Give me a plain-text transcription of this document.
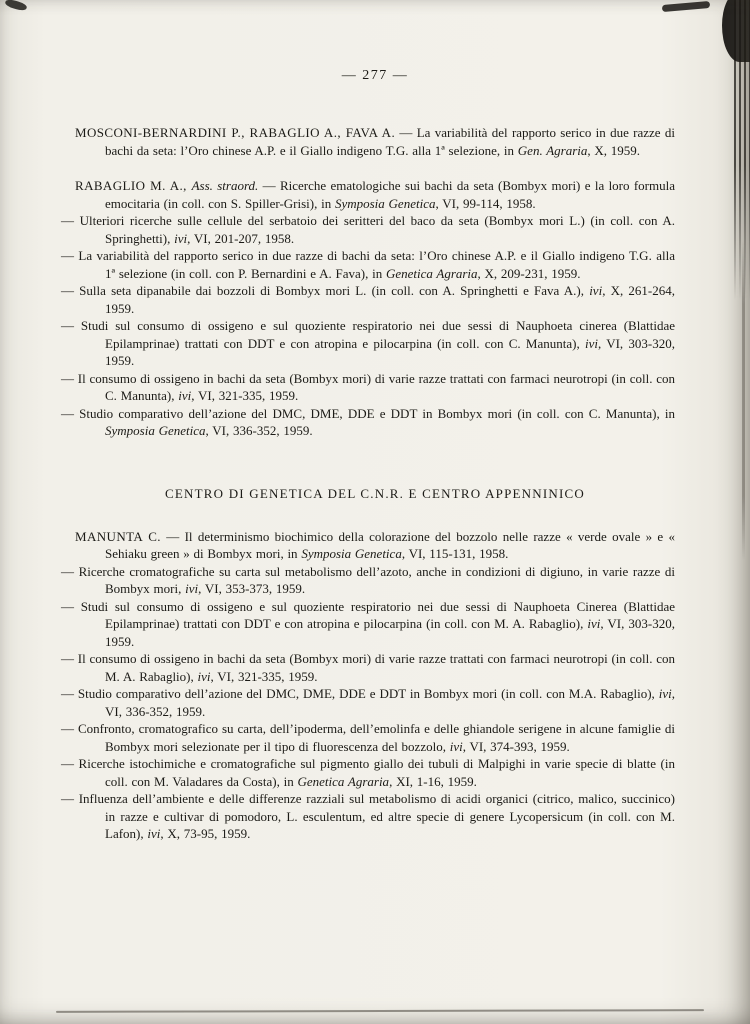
— 277 —

MOSCONI-BERNARDINI P., RABAGLIO A., FAVA A. — La variabilità del rapporto serico in due razze di bachi da seta: l’Oro chinese A.P. e il Giallo indigeno T.G. alla 1ª selezione, in Gen. Agraria, X, 1959.

RABAGLIO M. A., Ass. straord. — Ricerche ematologiche sui bachi da seta (Bombyx mori) e la loro formula emocitaria (in coll. con S. Spiller-Grisi), in Symposia Genetica, VI, 99-114, 1958.

— Ulteriori ricerche sulle cellule del serbatoio dei seritteri del baco da seta (Bombyx mori L.) (in coll. con A. Springhetti), ivi, VI, 201-207, 1958.

— La variabilità del rapporto serico in due razze di bachi da seta: l’Oro chinese A.P. e il Giallo indigeno T.G. alla 1ª selezione (in coll. con P. Bernardini e A. Fava), in Genetica Agraria, X, 209-231, 1959.

— Sulla seta dipanabile dai bozzoli di Bombyx mori L. (in coll. con A. Springhetti e Fava A.), ivi, X, 261-264, 1959.

— Studi sul consumo di ossigeno e sul quoziente respiratorio nei due sessi di Nauphoeta cinerea (Blattidae Epilamprinae) trattati con DDT e con atropina e pilocarpina (in coll. con C. Manunta), ivi, VI, 303-320, 1959.

— Il consumo di ossigeno in bachi da seta (Bombyx mori) di varie razze trattati con farmaci neurotropi (in coll. con C. Manunta), ivi, VI, 321-335, 1959.

— Studio comparativo dell’azione del DMC, DME, DDE e DDT in Bombyx mori (in coll. con C. Manunta), in Symposia Genetica, VI, 336-352, 1959.

CENTRO DI GENETICA DEL C.N.R. E CENTRO APPENNINICO

MANUNTA C. — Il determinismo biochimico della colorazione del bozzolo nelle razze « verde ovale » e « Sehiaku green » di Bombyx mori, in Symposia Genetica, VI, 115-131, 1958.

— Ricerche cromatografiche su carta sul metabolismo dell’azoto, anche in condizioni di digiuno, in varie razze di Bombyx mori, ivi, VI, 353-373, 1959.

— Studi sul consumo di ossigeno e sul quoziente respiratorio nei due sessi di Nauphoeta Cinerea (Blattidae Epilamprinae) trattati con DDT e con atropina e pilocarpina (in coll. con M. A. Rabaglio), ivi, VI, 303-320, 1959.

— Il consumo di ossigeno in bachi da seta (Bombyx mori) di varie razze trattati con farmaci neurotropi (in coll. con M. A. Rabaglio), ivi, VI, 321-335, 1959.

— Studio comparativo dell’azione del DMC, DME, DDE e DDT in Bombyx mori (in coll. con M.A. Rabaglio), ivi, VI, 336-352, 1959.

— Confronto, cromatografico su carta, dell’ipoderma, dell’emolinfa e delle ghiandole serigene in alcune famiglie di Bombyx mori selezionate per il tipo di fluorescenza del bozzolo, ivi, VI, 374-393, 1959.

— Ricerche istochimiche e cromatografiche sul pigmento giallo dei tubuli di Malpighi in varie specie di blatte (in coll. con M. Valadares da Costa), in Genetica Agraria, XI, 1-16, 1959.

— Influenza dell’ambiente e delle differenze razziali sul metabolismo di acidi organici (citrico, malico, succinico) in razze e cultivar di pomodoro, L. esculentum, ed altre specie di genere Lycopersicum (in coll. con M. Lafon), ivi, X, 73-95, 1959.
